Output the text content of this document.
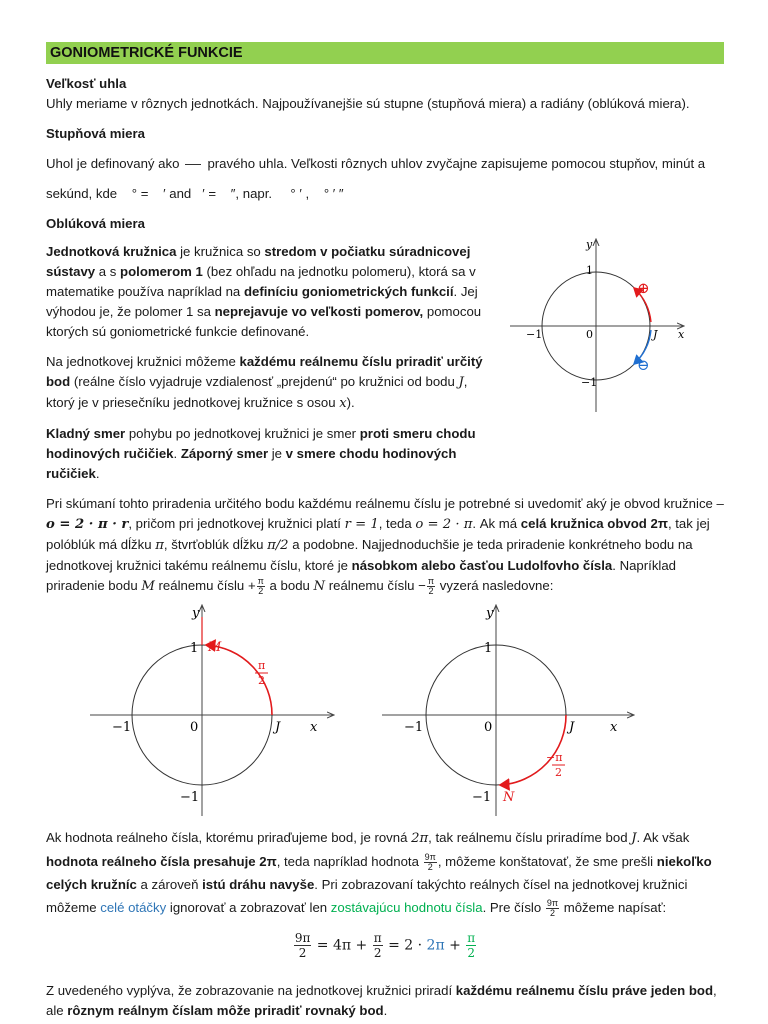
GONIOMETRICKÉ FUNKCIE

Veľkosť uhla

Uhly meriame v rôznych jednotkách. Najpoužívanejšie sú stupne (stupňová miera) a radiány (oblúková miera).

Stupňová miera

Uhol je definovaný ako pravého uhla. Veľkosti rôznych uhlov zvyčajne zapisujeme pomocou stupňov, minút a

sekúnd, kde ° = ′ and ′ = ″, napr. ° ′ , ° ′ ″

Oblúková miera

Jednotková kružnica je kružnica so stredom v počiatku súradnicovej sústavy a s polomerom 1 (bez ohľadu na jednotku polomeru), ktorá sa v matematike používa napríklad na definíciu goniometrických funkcií. Jej výhodou je, že polomer 1 sa neprejavuje vo veľkosti pomerov, pomocou ktorých sú goniometrické funkcie definované.

Na jednotkovej kružnici môžeme každému reálnemu číslu priradiť určitý bod (reálne číslo vyjadruje vzdialenosť „prejdenú“ po kružnici od bodu J, ktorý je v priesečníku jednotkovej kružnice s osou x).

Kladný smer pohybu po jednotkovej kružnici je smer proti smeru chodu hodinových ručičiek. Záporný smer je v smere chodu hodinových ručičiek.

y
x
1
−1
−1	0	J
⊕
⊖

Pri skúmaní tohto priradenia určitého bodu každému reálnemu číslu je potrebné si uvedomiť aký je obvod kružnice – o = 2 · π · r, pričom pri jednotkovej kružnici platí r = 1, teda o = 2 · π. Ak má celá kružnica obvod 2π, tak jej polóblúk má dĺžku π, štvrťoblúk dĺžku π/2 a podobne. Najjednoduchšie je teda priradenie konkrétneho bodu na jednotkovej kružnici takému reálnemu číslu, ktoré je násobkom alebo časťou Ludolfovho čísla. Napríklad priradenie bodu M reálnemu číslu + $\frac{\pi}{2}$ a bodu N reálnemu číslu − $\frac{\pi}{2}$ vyzerá nasledovne:

y
x
1
−1
−1	0	J
M
π
2
y
x
1
−1
−1	0	J
N
−π
2

Ak hodnota reálneho čísla, ktorému priraďujeme bod, je rovná 2π, tak reálnemu číslu priradíme bod J. Ak však hodnota reálneho čísla presahuje 2π, teda napríklad hodnota $\frac{9\pi}{2}$ , môžeme konštatovať, že sme prešli niekoľko celých kružníc a zároveň istú dráhu navyše. Pri zobrazovaní takýchto reálnych čísel na jednotkovej kružnici môžeme celé otáčky ignorovať a zobrazovať len zostávajúcu hodnotu čísla. Pre číslo $\frac{9\pi}{2}$ môžeme napísať:

$\frac{9\pi}{2} = 4\pi + \frac{\pi}{2} = 2 \cdot 2\pi + \frac{\pi}{2}$

Z uvedeného vyplýva, že zobrazovanie na jednotkovej kružnici priradí každému reálnemu číslu práve jeden bod, ale rôznym reálnym číslam môže priradiť rovnaký bod.
